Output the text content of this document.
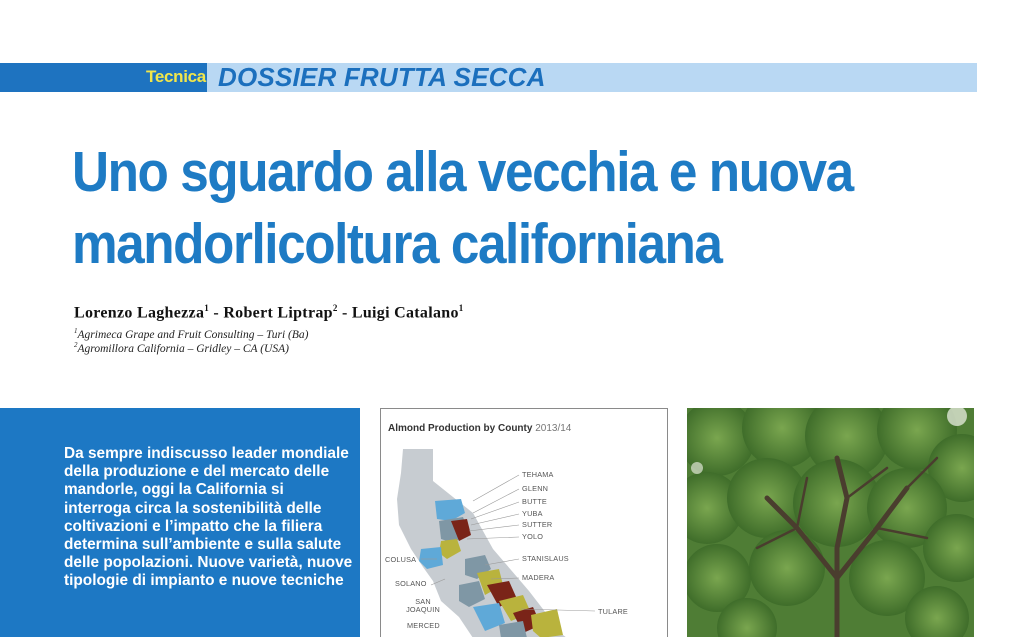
Tecnica DOSSIER FRUTTA SECCA
Uno sguardo alla vecchia e nuova mandorlicoltura californiana
Lorenzo Laghezza$^1$ - Robert Liptrap$^2$ - Luigi Catalano$^1$
$^1$Agrimeca Grape and Fruit Consulting – Turi (Ba)
$^2$Agromillora California – Gridley – CA (USA)

Da sempre indiscusso leader mondiale della produzione e del mercato delle mandorle, oggi la California si interroga circa la sostenibilità delle coltivazioni e l’impatto che la filiera determina sull’ambiente e sulla salute delle popolazioni. Nuove varietà, nuove tipologie di impianto e nuove tecniche

Almond Production by County 2013/14
TEHAMA
GLENN
BUTTE
YUBA
SUTTER
YOLO
COLUSA
SOLANO
SAN JOAQUIN
MERCED
STANISLAUS
MADERA
TULARE
